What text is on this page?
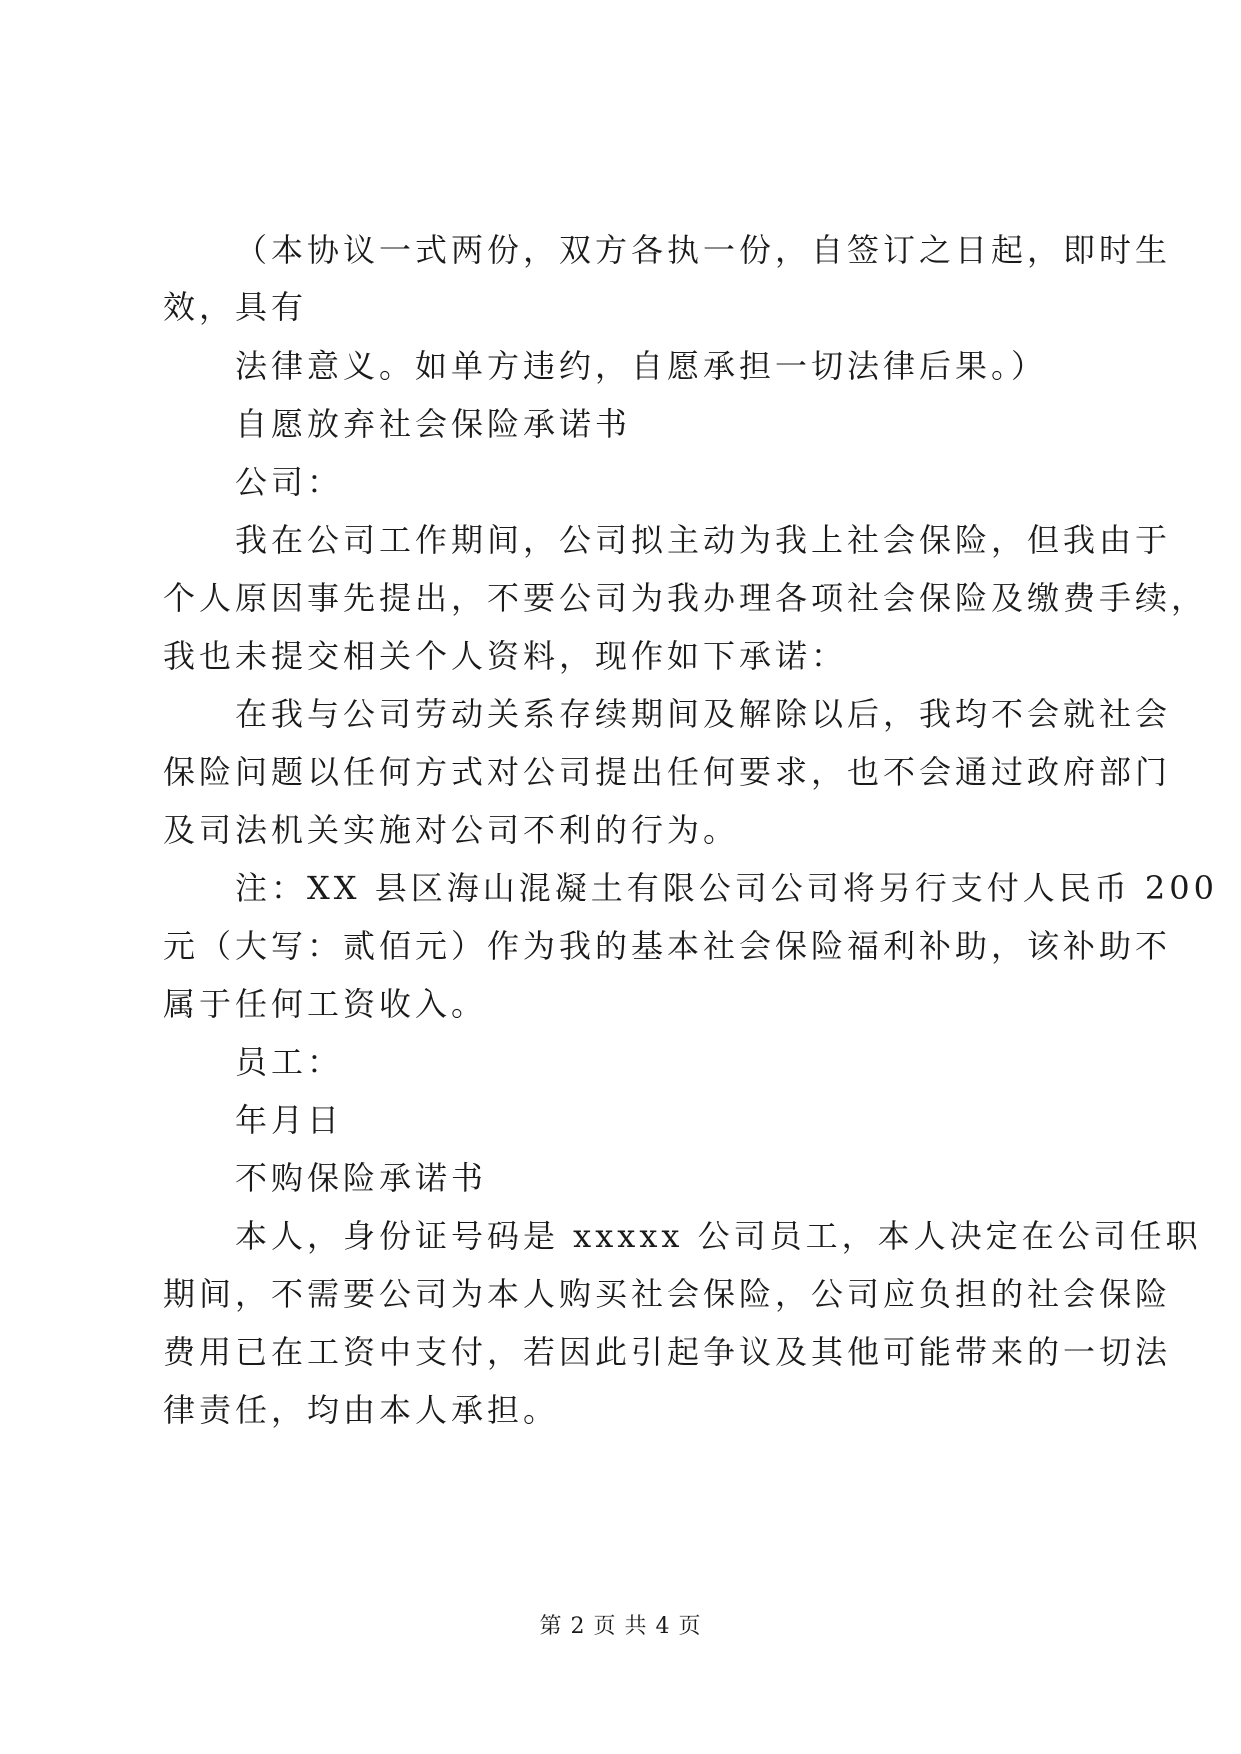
（本协议一式两份，双方各执一份，自签订之日起，即时生
效，具有
法律意义。如单方违约，自愿承担一切法律后果。）
自愿放弃社会保险承诺书
公司：
我在公司工作期间，公司拟主动为我上社会保险，但我由于
个人原因事先提出，不要公司为我办理各项社会保险及缴费手续，
我也未提交相关个人资料，现作如下承诺：
在我与公司劳动关系存续期间及解除以后，我均不会就社会
保险问题以任何方式对公司提出任何要求，也不会通过政府部门
及司法机关实施对公司不利的行为。
注：XX 县区海山混凝土有限公司公司将另行支付人民币 200
元（大写：贰佰元）作为我的基本社会保险福利补助，该补助不
属于任何工资收入。
员工：
年月日
不购保险承诺书
本人，身份证号码是 xxxxx 公司员工，本人决定在公司任职
期间，不需要公司为本人购买社会保险，公司应负担的社会保险
费用已在工资中支付，若因此引起争议及其他可能带来的一切法
律责任，均由本人承担。
第 2 页 共 4 页
